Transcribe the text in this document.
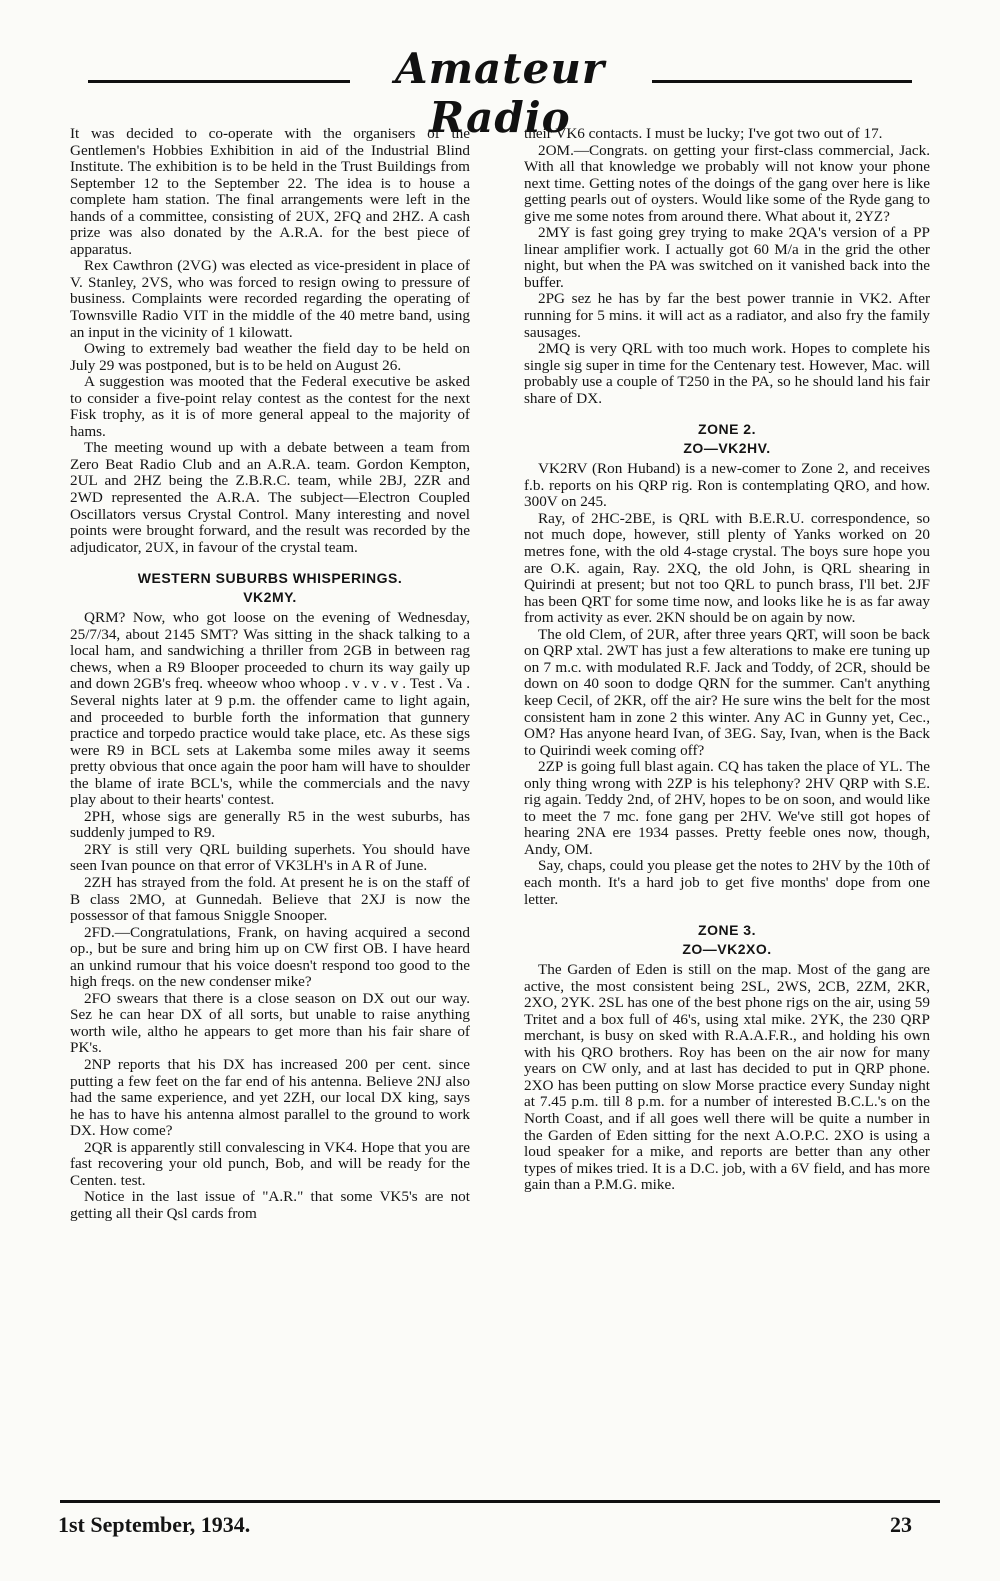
Amateur Radio

It was decided to co-operate with the organisers of the Gentlemen's Hobbies Exhibition in aid of the Industrial Blind Institute. The exhibition is to be held in the Trust Buildings from September 12 to the September 22. The idea is to house a complete ham station. The final arrangements were left in the hands of a committee, consisting of 2UX, 2FQ and 2HZ. A cash prize was also donated by the A.R.A. for the best piece of apparatus.

Rex Cawthron (2VG) was elected as vice-president in place of V. Stanley, 2VS, who was forced to resign owing to pressure of business. Complaints were recorded regarding the operating of Townsville Radio VIT in the middle of the 40 metre band, using an input in the vicinity of 1 kilowatt.

Owing to extremely bad weather the field day to be held on July 29 was postponed, but is to be held on August 26.

A suggestion was mooted that the Federal executive be asked to consider a five-point relay contest as the contest for the next Fisk trophy, as it is of more general appeal to the majority of hams.

The meeting wound up with a debate between a team from Zero Beat Radio Club and an A.R.A. team. Gordon Kempton, 2UL and 2HZ being the Z.B.R.C. team, while 2BJ, 2ZR and 2WD represented the A.R.A. The subject—Electron Coupled Oscillators versus Crystal Control. Many interesting and novel points were brought forward, and the result was recorded by the adjudicator, 2UX, in favour of the crystal team.

WESTERN SUBURBS WHISPERINGS.
VK2MY.

QRM? Now, who got loose on the evening of Wednesday, 25/7/34, about 2145 SMT? Was sitting in the shack talking to a local ham, and sandwiching a thriller from 2GB in between rag chews, when a R9 Blooper proceeded to churn its way gaily up and down 2GB's freq. wheeow whoo whoop . v . v . v . Test . Va . Several nights later at 9 p.m. the offender came to light again, and proceeded to burble forth the information that gunnery practice and torpedo practice would take place, etc. As these sigs were R9 in BCL sets at Lakemba some miles away it seems pretty obvious that once again the poor ham will have to shoulder the blame of irate BCL's, while the commercials and the navy play about to their hearts' contest.

2PH, whose sigs are generally R5 in the west suburbs, has suddenly jumped to R9.

2RY is still very QRL building superhets. You should have seen Ivan pounce on that error of VK3LH's in A R of June.

2ZH has strayed from the fold. At present he is on the staff of B class 2MO, at Gunnedah. Believe that 2XJ is now the possessor of that famous Sniggle Snooper.

2FD.—Congratulations, Frank, on having acquired a second op., but be sure and bring him up on CW first OB. I have heard an unkind rumour that his voice doesn't respond too good to the high freqs. on the new condenser mike?

2FO swears that there is a close season on DX out our way. Sez he can hear DX of all sorts, but unable to raise anything worth wile, altho he appears to get more than his fair share of PK's.

2NP reports that his DX has increased 200 per cent. since putting a few feet on the far end of his antenna. Believe 2NJ also had the same experience, and yet 2ZH, our local DX king, says he has to have his antenna almost parallel to the ground to work DX. How come?

2QR is apparently still convalescing in VK4. Hope that you are fast recovering your old punch, Bob, and will be ready for the Centen. test.

Notice in the last issue of "A.R." that some VK5's are not getting all their Qsl cards from

their VK6 contacts. I must be lucky; I've got two out of 17.

2OM.—Congrats. on getting your first-class commercial, Jack. With all that knowledge we probably will not know your phone next time. Getting notes of the doings of the gang over here is like getting pearls out of oysters. Would like some of the Ryde gang to give me some notes from around there. What about it, 2YZ?

2MY is fast going grey trying to make 2QA's version of a PP linear amplifier work. I actually got 60 M/a in the grid the other night, but when the PA was switched on it vanished back into the buffer.

2PG sez he has by far the best power trannie in VK2. After running for 5 mins. it will act as a radiator, and also fry the family sausages.

2MQ is very QRL with too much work. Hopes to complete his single sig super in time for the Centenary test. However, Mac. will probably use a couple of T250 in the PA, so he should land his fair share of DX.

ZONE 2.
ZO—VK2HV.

VK2RV (Ron Huband) is a new-comer to Zone 2, and receives f.b. reports on his QRP rig. Ron is contemplating QRO, and how. 300V on 245.

Ray, of 2HC-2BE, is QRL with B.E.R.U. correspondence, so not much dope, however, still plenty of Yanks worked on 20 metres fone, with the old 4-stage crystal. The boys sure hope you are O.K. again, Ray. 2XQ, the old John, is QRL shearing in Quirindi at present; but not too QRL to punch brass, I'll bet. 2JF has been QRT for some time now, and looks like he is as far away from activity as ever. 2KN should be on again by now.

The old Clem, of 2UR, after three years QRT, will soon be back on QRP xtal. 2WT has just a few alterations to make ere tuning up on 7 m.c. with modulated R.F. Jack and Toddy, of 2CR, should be down on 40 soon to dodge QRN for the summer. Can't anything keep Cecil, of 2KR, off the air? He sure wins the belt for the most consistent ham in zone 2 this winter. Any AC in Gunny yet, Cec., OM? Has anyone heard Ivan, of 3EG. Say, Ivan, when is the Back to Quirindi week coming off?

2ZP is going full blast again. CQ has taken the place of YL. The only thing wrong with 2ZP is his telephony? 2HV QRP with S.E. rig again. Teddy 2nd, of 2HV, hopes to be on soon, and would like to meet the 7 mc. fone gang per 2HV. We've still got hopes of hearing 2NA ere 1934 passes. Pretty feeble ones now, though, Andy, OM.

Say, chaps, could you please get the notes to 2HV by the 10th of each month. It's a hard job to get five months' dope from one letter.

ZONE 3.
ZO—VK2XO.

The Garden of Eden is still on the map. Most of the gang are active, the most consistent being 2SL, 2WS, 2CB, 2ZM, 2KR, 2XO, 2YK. 2SL has one of the best phone rigs on the air, using 59 Tritet and a box full of 46's, using xtal mike. 2YK, the 230 QRP merchant, is busy on sked with R.A.A.F.R., and holding his own with his QRO brothers. Roy has been on the air now for many years on CW only, and at last has decided to put in QRP phone. 2XO has been putting on slow Morse practice every Sunday night at 7.45 p.m. till 8 p.m. for a number of interested B.C.L.'s on the North Coast, and if all goes well there will be quite a number in the Garden of Eden sitting for the next A.O.P.C. 2XO is using a loud speaker for a mike, and reports are better than any other types of mikes tried. It is a D.C. job, with a 6V field, and has more gain than a P.M.G. mike.

1st September, 1934.	23
